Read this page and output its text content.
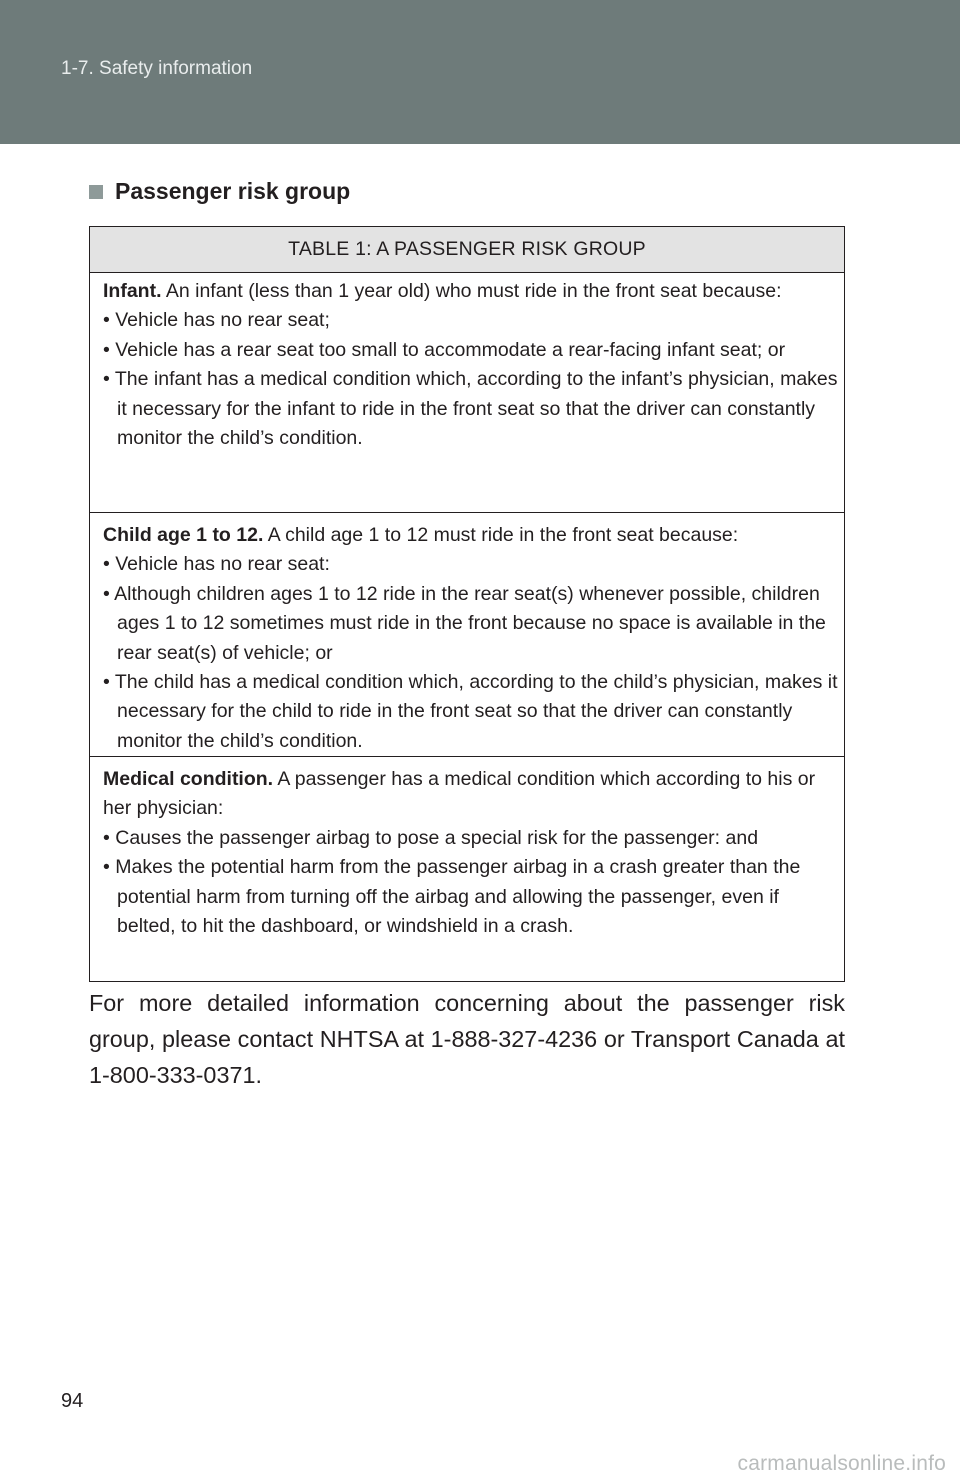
1-7. Safety information
Passenger risk group
TABLE 1: A PASSENGER RISK GROUP
Infant. An infant (less than 1 year old) who must ride in the front seat because:
• Vehicle has no rear seat;
• Vehicle has a rear seat too small to accommodate a rear-facing infant seat; or
• The infant has a medical condition which, according to the infant’s physician, makes it necessary for the infant to ride in the front seat so that the driver can constantly monitor the child’s condition.
Child age 1 to 12. A child age 1 to 12 must ride in the front seat because:
• Vehicle has no rear seat:
• Although children ages 1 to 12 ride in the rear seat(s) whenever possible, children ages 1 to 12 sometimes must ride in the front because no space is available in the rear seat(s) of vehicle; or
• The child has a medical condition which, according to the child’s physician, makes it necessary for the child to ride in the front seat so that the driver can constantly monitor the child’s condition.
Medical condition. A passenger has a medical condition which according to his or her physician:
• Causes the passenger airbag to pose a special risk for the passenger: and
• Makes the potential harm from the passenger airbag in a crash greater than the potential harm from turning off the airbag and allowing the passenger, even if belted, to hit the dashboard, or windshield in a crash.
For more detailed information concerning about the passenger risk group, please contact NHTSA at 1-888-327-4236 or Transport Canada at 1-800-333-0371.
94
carmanualsonline.info
